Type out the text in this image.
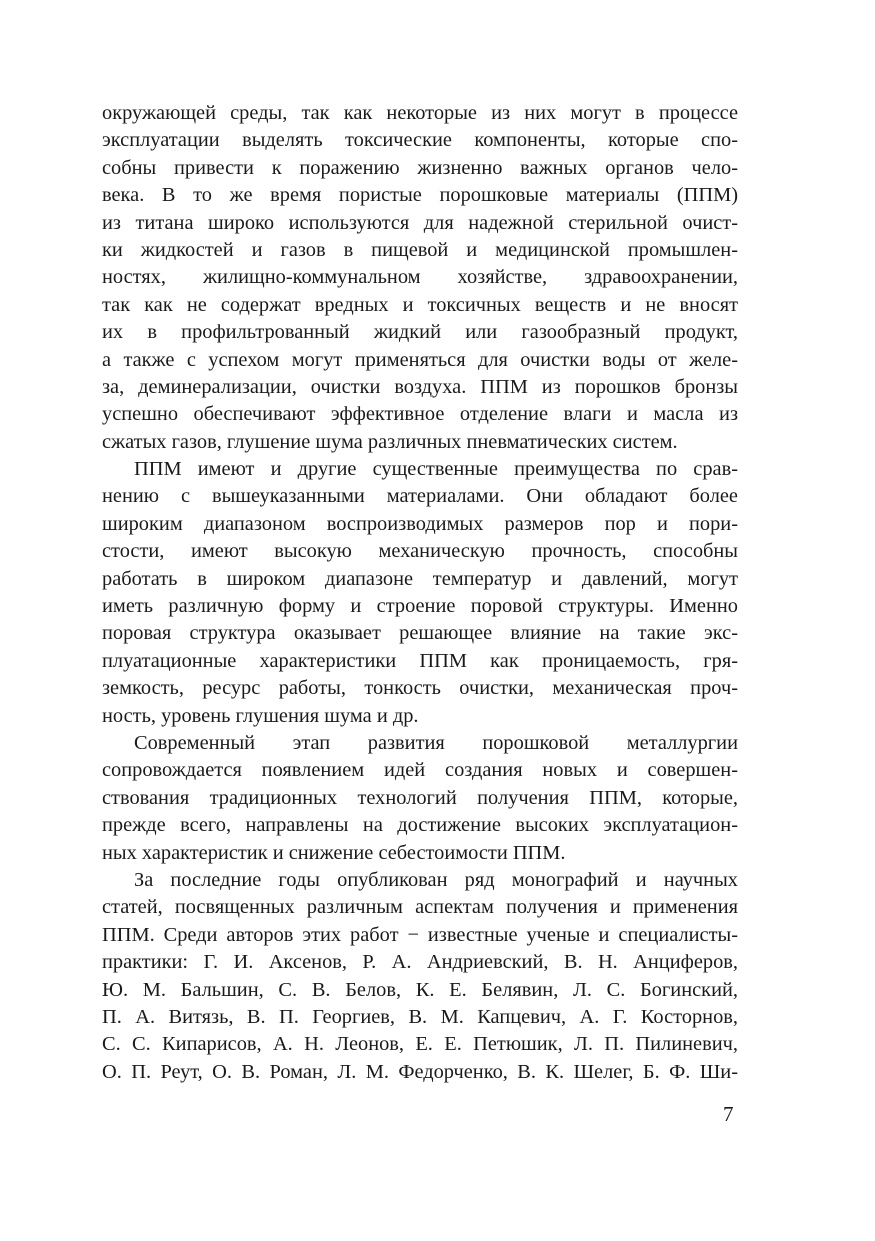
окружающей среды, так как некоторые из них могут в процессе
эксплуатации выделять токсические компоненты, которые спо-
собны привести к поражению жизненно важных органов чело-
века. В то же время пористые порошковые материалы (ППМ)
из титана широко используются для надежной стерильной очист-
ки жидкостей и газов в пищевой и медицинской промышлен-
ностях, жилищно-коммунальном хозяйстве, здравоохранении,
так как не содержат вредных и токсичных веществ и не вносят
их в профильтрованный жидкий или газообразный продукт,
а также с успехом могут применяться для очистки воды от желе-
за, деминерализации, очистки воздуха. ППМ из порошков бронзы
успешно обеспечивают эффективное отделение влаги и масла из
сжатых газов, глушение шума различных пневматических систем.
ППМ имеют и другие существенные преимущества по срав-
нению с вышеуказанными материалами. Они обладают более
широким диапазоном воспроизводимых размеров пор и пори-
стости, имеют высокую механическую прочность, способны
работать в широком диапазоне температур и давлений, могут
иметь различную форму и строение поровой структуры. Именно
поровая структура оказывает решающее влияние на такие экс-
плуатационные характеристики ППМ как проницаемость, гря-
земкость, ресурс работы, тонкость очистки, механическая проч-
ность, уровень глушения шума и др.
Современный этап развития порошковой металлургии
сопровождается появлением идей создания новых и совершен-
ствования традиционных технологий получения ППМ, которые,
прежде всего, направлены на достижение высоких эксплуатацион-
ных характеристик и снижение себестоимости ППМ.
За последние годы опубликован ряд монографий и научных
статей, посвященных различным аспектам получения и применения
ППМ. Среди авторов этих работ − известные ученые и специалисты-
практики: Г. И. Аксенов, Р. А. Андриевский, В. Н. Анциферов,
Ю. М. Бальшин, С. В. Белов, К. Е. Белявин, Л. С. Богинский,
П. А. Витязь, В. П. Георгиев, В. М. Капцевич, А. Г. Косторнов,
С. С. Кипарисов, А. Н. Леонов, Е. Е. Петюшик, Л. П. Пилиневич,
О. П. Реут, О. В. Роман, Л. М. Федорченко, В. К. Шелег, Б. Ф. Ши-
7
